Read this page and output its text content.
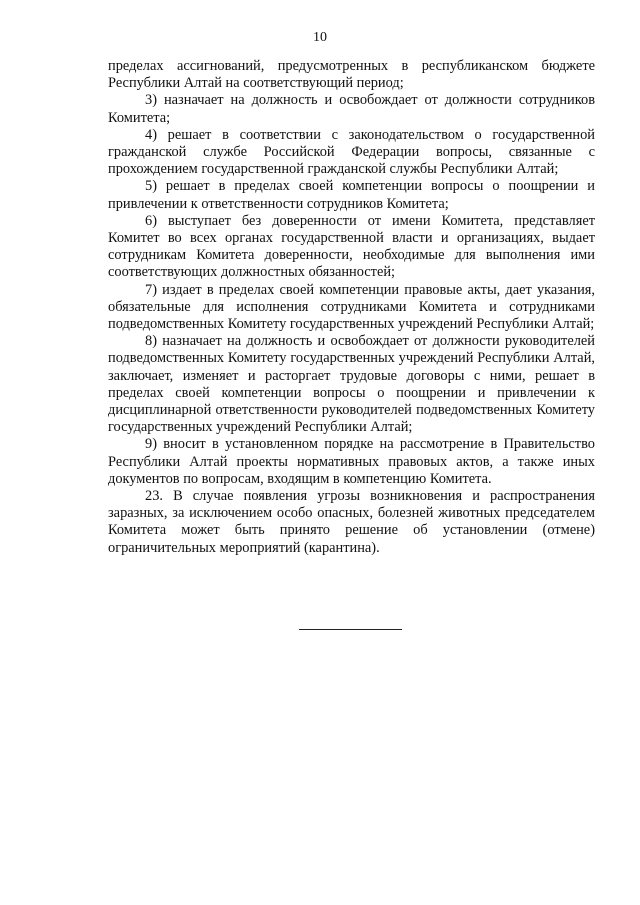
10

пределах ассигнований, предусмотренных в республиканском бюджете Республики Алтай на соответствующий период;

3) назначает на должность и освобождает от должности сотрудников Комитета;

4) решает в соответствии с законодательством о государственной гражданской службе Российской Федерации вопросы, связанные с прохождением государственной гражданской службы Республики Алтай;

5) решает в пределах своей компетенции вопросы о поощрении и привлечении к ответственности сотрудников Комитета;

6) выступает без доверенности от имени Комитета, представляет Комитет во всех органах государственной власти и организациях, выдает сотрудникам Комитета доверенности, необходимые для выполнения ими соответствующих должностных обязанностей;

7) издает в пределах своей компетенции правовые акты, дает указания, обязательные для исполнения сотрудниками Комитета и сотрудниками подведомственных Комитету государственных учреждений Республики Алтай;

8) назначает на должность и освобождает от должности руководителей подведомственных Комитету государственных учреждений Республики Алтай, заключает, изменяет и расторгает трудовые договоры с ними, решает в пределах своей компетенции вопросы о поощрении и привлечении к дисциплинарной ответственности руководителей подведомственных Комитету государственных учреждений Республики Алтай;

9) вносит в установленном порядке на рассмотрение в Правительство Республики Алтай проекты нормативных правовых актов, а также иных документов по вопросам, входящим в компетенцию Комитета.

23. В случае появления угрозы возникновения и распространения заразных, за исключением особо опасных, болезней животных председателем Комитета может быть принято решение об установлении (отмене) ограничительных мероприятий (карантина).
